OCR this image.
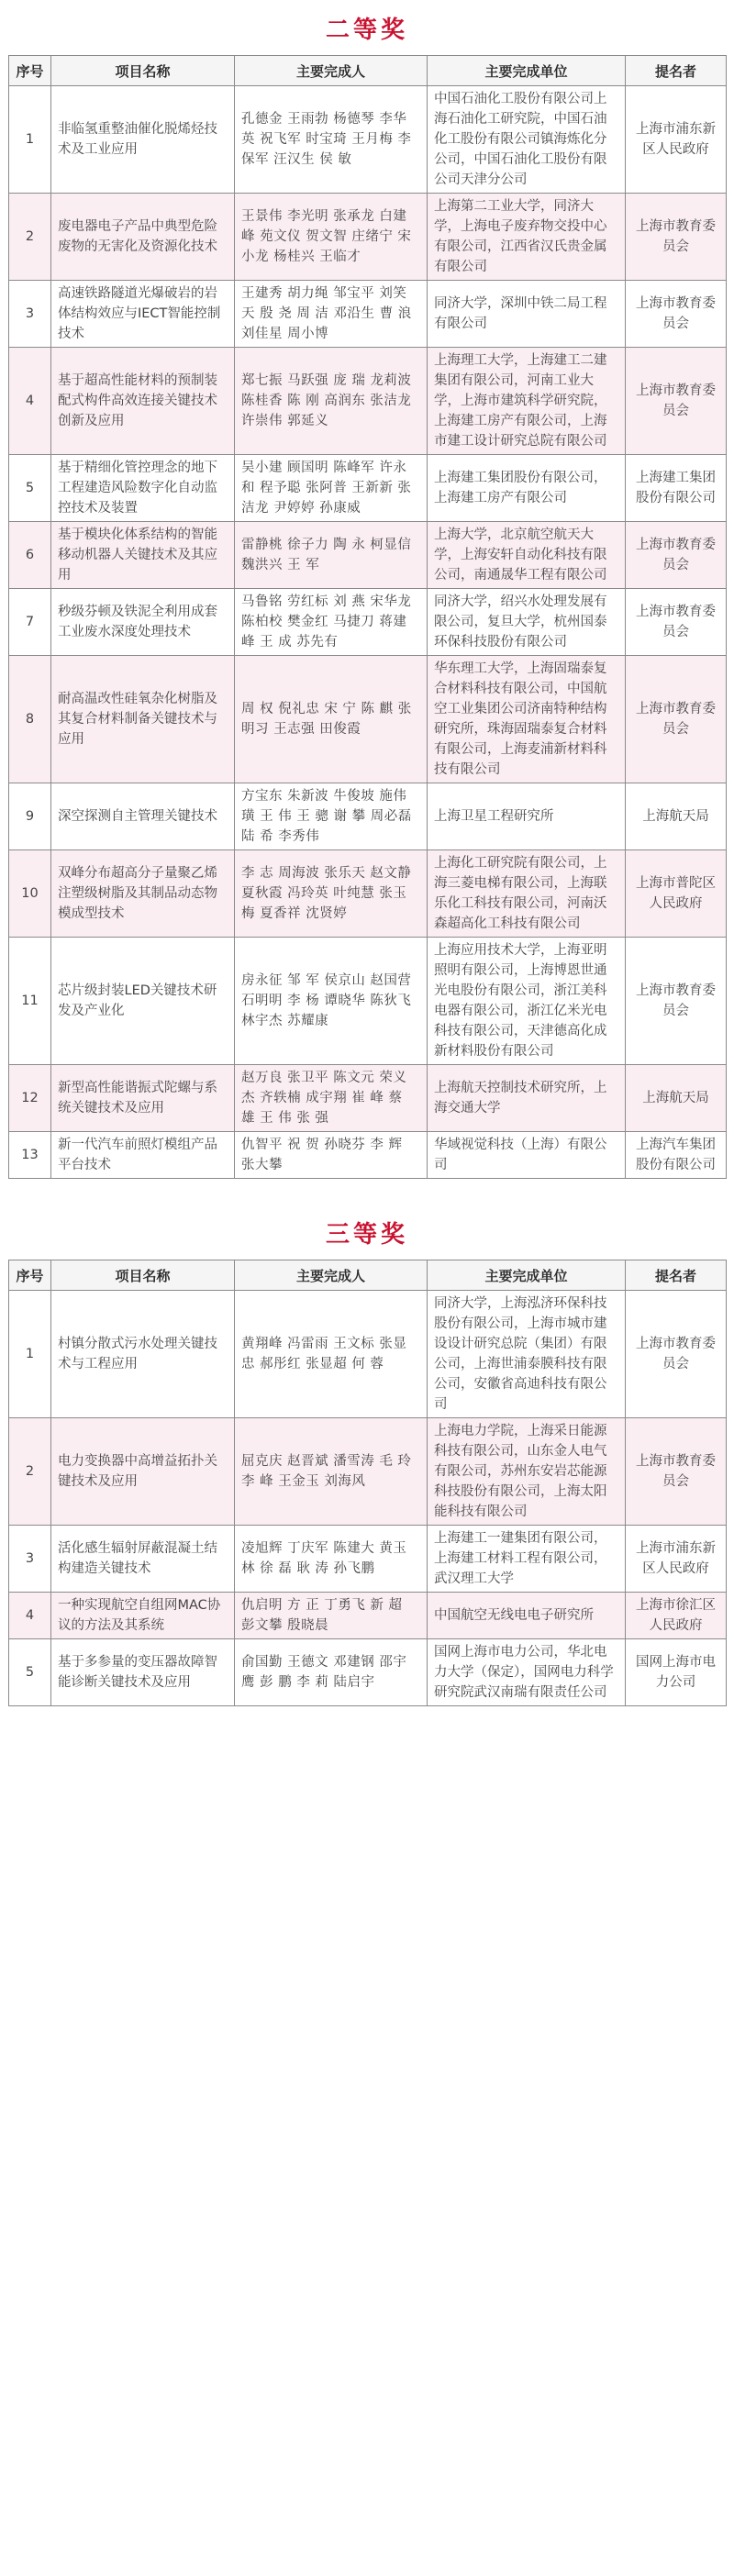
二等奖
序号	项目名称	主要完成人	主要完成单位	提名者
1	非临氢重整油催化脱烯烃技术及工业应用	孔德金 王雨勃 杨德琴 李华英 祝飞军 时宝琦 王月梅 李保军 汪汉生 侯 敏	中国石油化工股份有限公司上海石油化工研究院，中国石油化工股份有限公司镇海炼化分公司，中国石油化工股份有限公司天津分公司	上海市浦东新区人民政府
2	废电器电子产品中典型危险废物的无害化及资源化技术	王景伟 李光明 张承龙 白建峰 苑文仪 贺文智 庄绪宁 宋小龙 杨桂兴 王临才	上海第二工业大学，同济大学，上海电子废弃物交投中心有限公司，江西省汉氏贵金属有限公司	上海市教育委员会
3	高速铁路隧道光爆破岩的岩体结构效应与IECT智能控制技术	王建秀 胡力绳 邹宝平 刘笑天 殷 尧 周 洁 邓沿生 曹 浪 刘佳星 周小博	同济大学，深圳中铁二局工程有限公司	上海市教育委员会
4	基于超高性能材料的预制装配式构件高效连接关键技术创新及应用	郑七振 马跃强 庞 瑞 龙莉波 陈桂香 陈 刚 高润东 张洁龙 许崇伟 郭延义	上海理工大学，上海建工二建集团有限公司，河南工业大学，上海市建筑科学研究院，上海建工房产有限公司，上海市建工设计研究总院有限公司	上海市教育委员会
5	基于精细化管控理念的地下工程建造风险数字化自动监控技术及装置	吴小建 顾国明 陈峰军 许永和 程予聪 张阿普 王新新 张洁龙 尹婷婷 孙康威	上海建工集团股份有限公司，上海建工房产有限公司	上海建工集团股份有限公司
6	基于模块化体系结构的智能移动机器人关键技术及其应用	雷静桃 徐子力 陶 永 柯显信 魏洪兴 王 军	上海大学，北京航空航天大学，上海安轩自动化科技有限公司，南通晟华工程有限公司	上海市教育委员会
7	秒级芬顿及铁泥全利用成套工业废水深度处理技术	马鲁铭 劳红标 刘 燕 宋华龙 陈柏校 樊金红 马捷刀 蒋建峰 王 成 苏先有	同济大学，绍兴水处理发展有限公司，复旦大学，杭州国泰环保科技股份有限公司	上海市教育委员会
8	耐高温改性硅氧杂化树脂及其复合材料制备关键技术与应用	周 权 倪礼忠 宋 宁 陈 麒 张明习 王志强 田俊霞	华东理工大学，上海固瑞泰复合材料科技有限公司，中国航空工业集团公司济南特种结构研究所，珠海固瑞泰复合材料有限公司，上海麦浦新材料科技有限公司	上海市教育委员会
9	深空探测自主管理关键技术	方宝东 朱新波 牛俊坡 施伟璜 王 伟 王 骢 谢 攀 周必磊 陆 希 李秀伟	上海卫星工程研究所	上海航天局
10	双峰分布超高分子量聚乙烯注塑级树脂及其制品动态物模成型技术	李 志 周海波 张乐天 赵文静 夏秋霞 冯玲英 叶纯慧 张玉梅 夏香祥 沈贤婷	上海化工研究院有限公司，上海三菱电梯有限公司，上海联乐化工科技有限公司，河南沃森超高化工科技有限公司	上海市普陀区人民政府
11	芯片级封装LED关键技术研发及产业化	房永征 邹 军 侯京山 赵国营 石明明 李 杨 谭晓华 陈狄飞 林宇杰 苏耀康	上海应用技术大学，上海亚明照明有限公司，上海博恩世通光电股份有限公司，浙江美科电器有限公司，浙江亿米光电科技有限公司，天津德高化成新材料股份有限公司	上海市教育委员会
12	新型高性能谐振式陀螺与系统关键技术及应用	赵万良 张卫平 陈文元 荣义杰 齐轶楠 成宇翔 崔 峰 蔡 雄 王 伟 张 强	上海航天控制技术研究所，上海交通大学	上海航天局
13	新一代汽车前照灯模组产品平台技术	仇智平 祝 贺 孙晓芬 李 辉 张大攀	华域视觉科技（上海）有限公司	上海汽车集团股份有限公司
三等奖
序号	项目名称	主要完成人	主要完成单位	提名者
1	村镇分散式污水处理关键技术与工程应用	黄翔峰 冯雷雨 王文标 张显忠 郝彤红 张显超 何 蓉	同济大学，上海泓济环保科技股份有限公司，上海市城市建设设计研究总院（集团）有限公司，上海世浦泰膜科技有限公司，安徽省高迪科技有限公司	上海市教育委员会
2	电力变换器中高增益拓扑关键技术及应用	屈克庆 赵晋斌 潘雪涛 毛 玲 李 峰 王金玉 刘海风	上海电力学院，上海采日能源科技有限公司，山东金人电气有限公司，苏州东安岩芯能源科技股份有限公司，上海太阳能科技有限公司	上海市教育委员会
3	活化感生辐射屏蔽混凝土结构建造关键技术	凌旭辉 丁庆军 陈建大 黄玉林 徐 磊 耿 涛 孙飞鹏	上海建工一建集团有限公司，上海建工材料工程有限公司，武汉理工大学	上海市浦东新区人民政府
4	一种实现航空自组网MAC协议的方法及其系统	仇启明 方 正 丁勇飞 新 超 彭文攀 殷晓晨	中国航空无线电电子研究所	上海市徐汇区人民政府
5	基于多参量的变压器故障智能诊断关键技术及应用	俞国勤 王德文 邓建钢 邵宇鹰 彭 鹏 李 莉 陆启宇	国网上海市电力公司，华北电力大学（保定），国网电力科学研究院武汉南瑞有限责任公司	国网上海市电力公司
